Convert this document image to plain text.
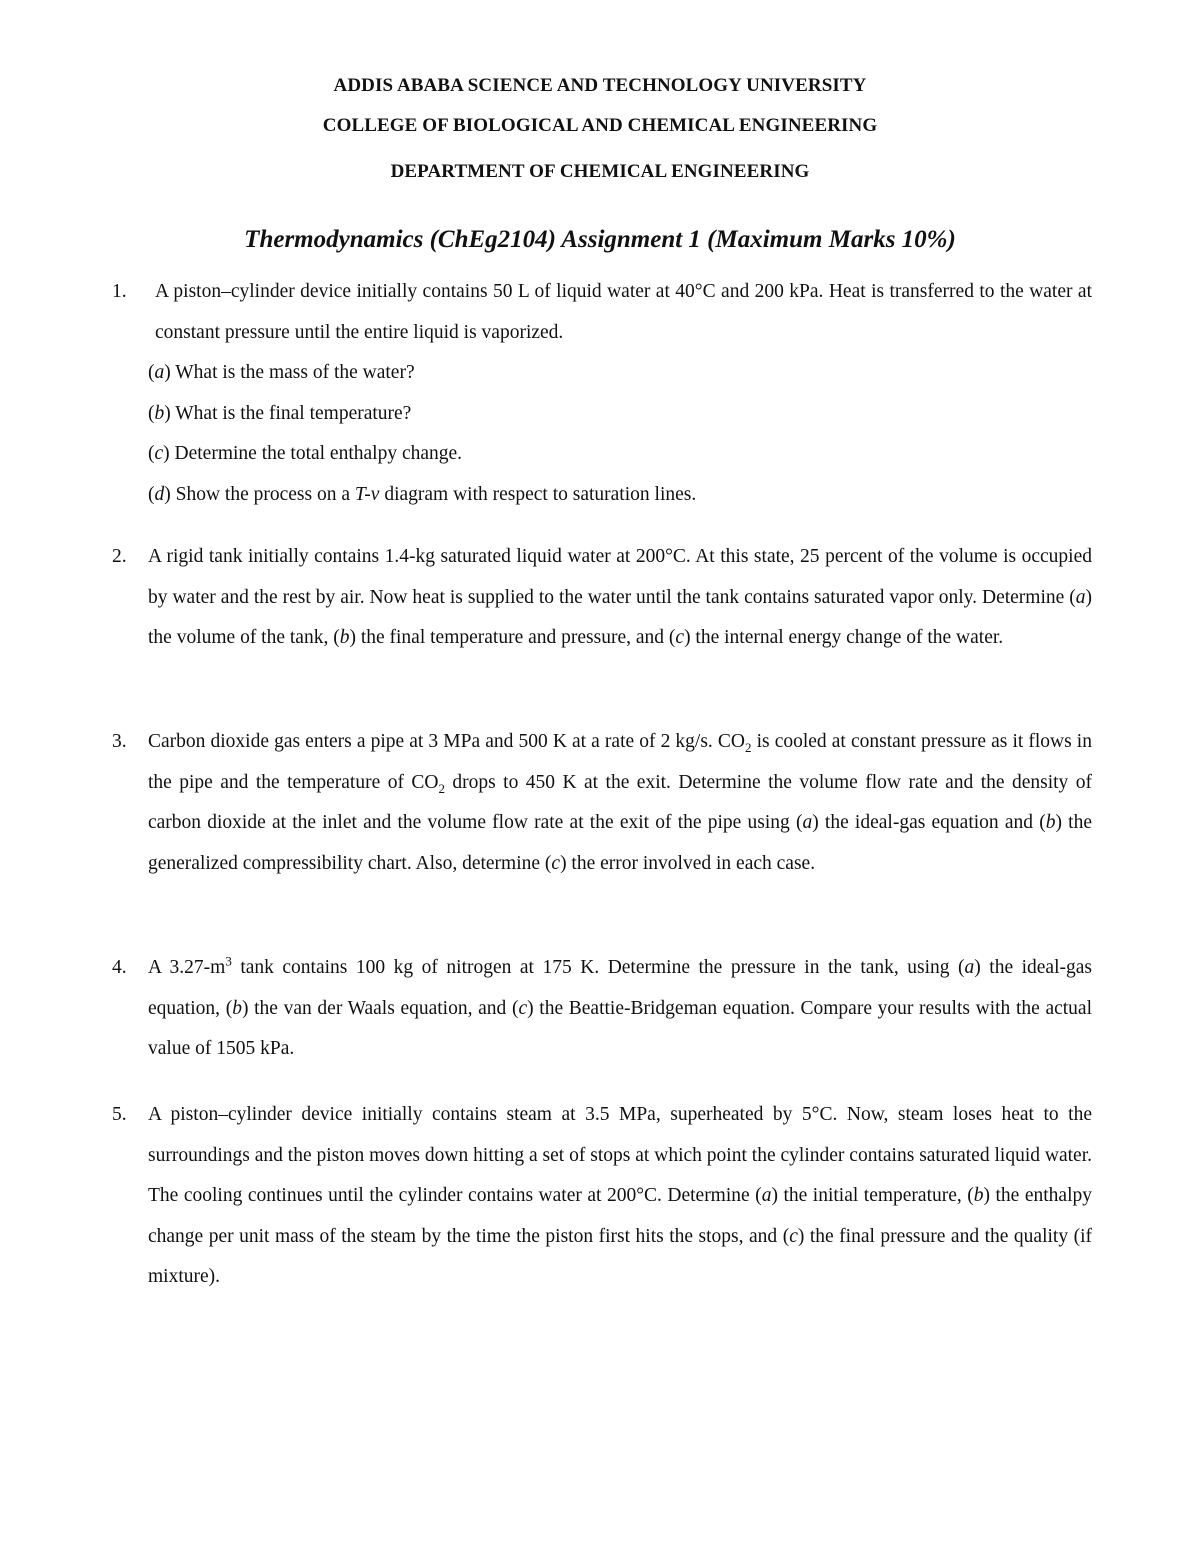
ADDIS ABABA SCIENCE AND TECHNOLOGY UNIVERSITY
COLLEGE OF BIOLOGICAL AND CHEMICAL ENGINEERING
DEPARTMENT OF CHEMICAL ENGINEERING
Thermodynamics (ChEg2104) Assignment 1 (Maximum Marks 10%)
1.	A piston–cylinder device initially contains 50 L of liquid water at 40°C and 200 kPa. Heat is transferred to the water at constant pressure until the entire liquid is vaporized.

(a) What is the mass of the water?

(b) What is the final temperature?

(c) Determine the total enthalpy change.

(d) Show the process on a T-v diagram with respect to saturation lines.

2. A rigid tank initially contains 1.4-kg saturated liquid water at 200°C. At this state, 25 percent of the volume is occupied by water and the rest by air. Now heat is supplied to the water until the tank contains saturated vapor only. Determine (a) the volume of the tank, (b) the final temperature and pressure, and (c) the internal energy change of the water.

3. Carbon dioxide gas enters a pipe at 3 MPa and 500 K at a rate of 2 kg/s. $CO_2$ is cooled at constant pressure as it flows in the pipe and the temperature of $CO_2$ drops to 450 K at the exit. Determine the volume flow rate and the density of carbon dioxide at the inlet and the volume flow rate at the exit of the pipe using (a) the ideal-gas equation and (b) the generalized compressibility chart. Also, determine (c) the error involved in each case.

4. A $3.27-m^3$ tank contains 100 kg of nitrogen at 175 K. Determine the pressure in the tank, using (a) the ideal-gas equation, (b) the van der Waals equation, and (c) the Beattie-Bridgeman equation. Compare your results with the actual value of 1505 kPa.

5. A piston–cylinder device initially contains steam at 3.5 MPa, superheated by 5°C. Now, steam loses heat to the surroundings and the piston moves down hitting a set of stops at which point the cylinder contains saturated liquid water. The cooling continues until the cylinder contains water at 200°C. Determine (a) the initial temperature, (b) the enthalpy change per unit mass of the steam by the time the piston first hits the stops, and (c) the final pressure and the quality (if mixture).
